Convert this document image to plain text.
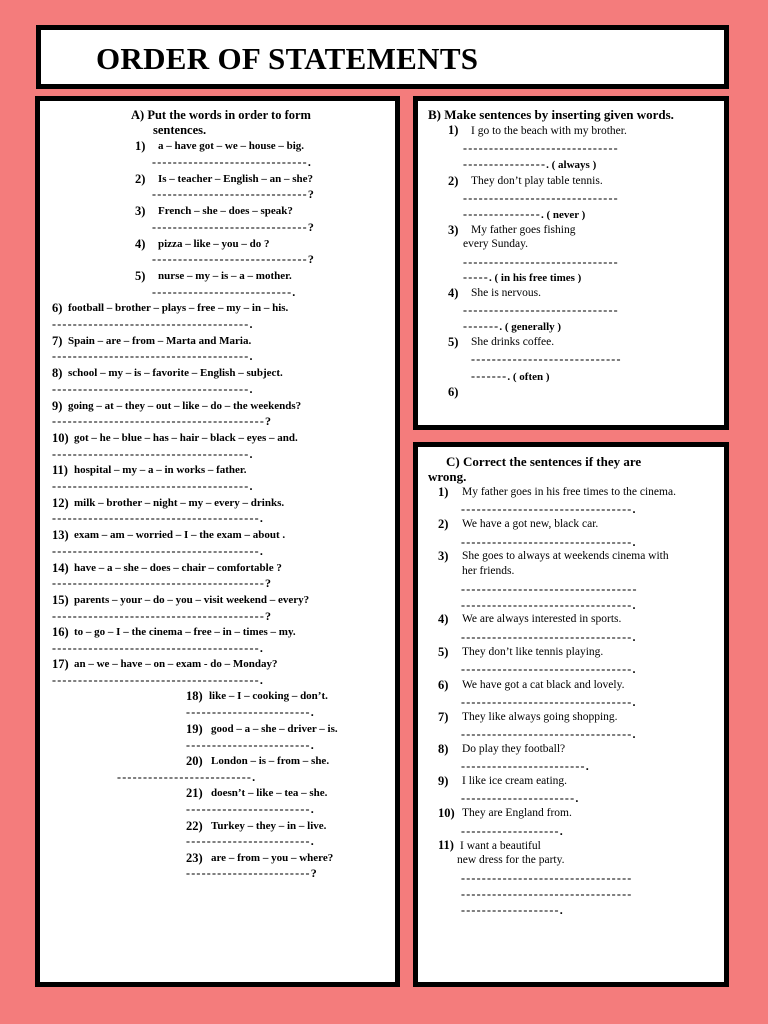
ORDER OF STATEMENTS
A) Put the words in order to form
sentences.
1) a – have got – we – house – big.
------------------------------.
2) Is – teacher – English – an – she?
------------------------------?
3) French – she – does – speak?
------------------------------?
4) pizza – like – you – do ?
------------------------------?
5) nurse – my – is – a – mother.
---------------------------.
6) football – brother – plays – free – my – in – his.
--------------------------------------.
7) Spain – are – from – Marta and Maria.
--------------------------------------.
8) school – my – is – favorite – English – subject.
--------------------------------------.
9) going – at – they – out – like – do – the weekends?
-----------------------------------------?
10) got – he – blue – has – hair – black – eyes – and.
--------------------------------------.
11) hospital – my – a – in works – father.
--------------------------------------.
12) milk – brother – night – my – every – drinks.
----------------------------------------.
13) exam – am – worried – I – the exam – about .
----------------------------------------.
14) have – a – she – does – chair – comfortable ?
-----------------------------------------?
15) parents – your – do – you – visit weekend – every?
-----------------------------------------?
16) to – go – I – the cinema – free – in – times – my.
----------------------------------------.
17) an – we – have – on – exam - do – Monday?
----------------------------------------.
18) like – I – cooking – don’t.
------------------------.
19) good – a – she – driver – is.
------------------------.
20) London – is – from – she.
--------------------------.
21) doesn’t – like – tea – she.
------------------------.
22) Turkey – they – in – live.
------------------------.
23) are – from – you – where?
------------------------?
B) Make sentences by inserting given words.
1) I go to the beach with my brother.
------------------------------
----------------. ( always )
2) They don’t play table tennis.
------------------------------
---------------. ( never )
3) My father goes fishing
every Sunday.
------------------------------
-----. ( in his free times )
4) She is nervous.
------------------------------
-------. ( generally )
5) She drinks coffee.
-----------------------------
-------. ( often )
6)
C) Correct the sentences if they are
wrong.
1) My father goes in his free times to the cinema.
---------------------------------.
2) We have a got new, black car.
---------------------------------.
3) She goes to always at weekends cinema with
her friends.
----------------------------------
---------------------------------.
4) We are always interested in sports.
---------------------------------.
5) They don’t like tennis playing.
---------------------------------.
6) We have got a cat black and lovely.
---------------------------------.
7) They like always going shopping.
---------------------------------.
8) Do play they football?
------------------------.
9) I like ice cream eating.
----------------------.
10) They are England from.
-------------------.
11) I want a beautiful
new dress for the party.
---------------------------------
---------------------------------
-------------------.
